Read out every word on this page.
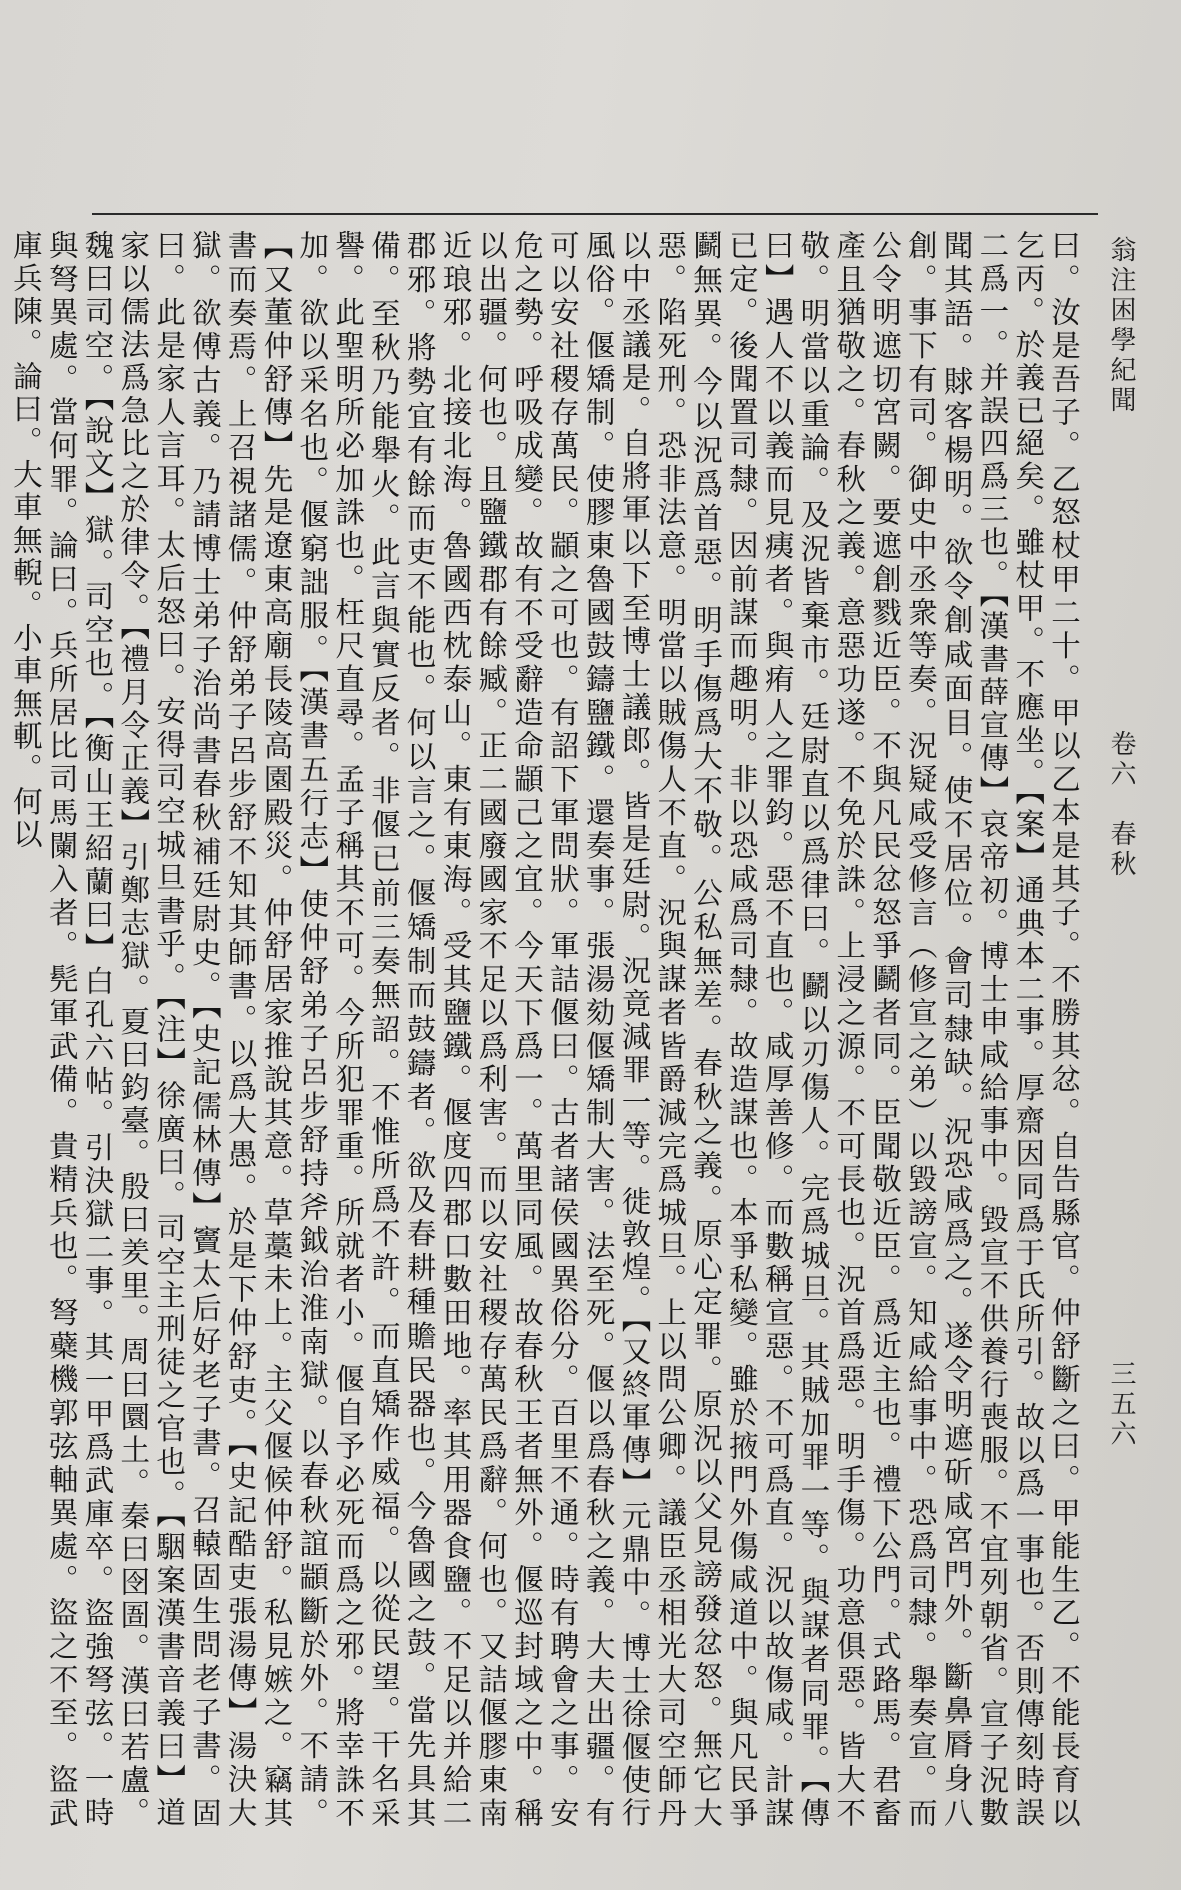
翁注困學紀聞
卷六　春秋
三五六

曰。汝是吾子。乙怒杖甲二十。甲以乙本是其子。不勝其忿。自告縣官。仲舒斷之曰。甲能生乙。不能長育以乞丙。於義已絕矣。雖杖甲。不應坐。【案】通典本二事。厚齋因同爲于氏所引。故以爲一事也。否則傳刻時誤二爲一。并誤四爲三也。【漢書薛宣傳】哀帝初。博士申咸給事中。毀宣不供養行喪服。不宜列朝省。宣子況數聞其語。賕客楊明。欲令創咸面目。使不居位。會司隸缺。況恐咸爲之。遂令明遮斫咸宮門外。斷鼻脣身八創。事下有司。御史中丞衆等奏。況疑咸受修言（修宣之弟）以毀謗宣。知咸給事中。恐爲司隸。舉奏宣。而公令明遮切宮闕。要遮創戮近臣。不與凡民忿怒爭鬬者同。臣聞敬近臣。爲近主也。禮下公門。式路馬。君畜產且猶敬之。春秋之義。意惡功遂。不免於誅。上浸之源。不可長也。況首爲惡。明手傷。功意俱惡。皆大不敬。明當以重論。及況皆棄市。廷尉直以爲律曰。鬬以刃傷人。完爲城旦。其賊加罪一等。與謀者同罪。【傳曰】遇人不以義而見痍者。與痏人之罪鈞。惡不直也。咸厚善修。而數稱宣惡。不可爲直。況以故傷咸。計謀已定。後聞置司隸。因前謀而趣明。非以恐咸爲司隸。故造謀也。本爭私變。雖於掖門外傷咸道中。與凡民爭鬬無異。今以況爲首惡。明手傷爲大不敬。公私無差。春秋之義。原心定罪。原況以父見謗發忿怒。無它大惡。陷死刑。恐非法意。明當以賊傷人不直。況與謀者皆爵減完爲城旦。上以問公卿。議臣丞相光大司空師丹以中丞議是。自將軍以下至博士議郎。皆是廷尉。況竟減罪一等。徙敦煌。【又終軍傳】元鼎中。博士徐偃使行風俗。偃矯制。使膠東魯國鼓鑄鹽鐵。還奏事。張湯劾偃矯制大害。法至死。偃以爲春秋之義。大夫出疆。有可以安社稷存萬民。顓之可也。有詔下軍問狀。軍詰偃曰。古者諸侯國異俗分。百里不通。時有聘會之事。安危之勢。呼吸成變。故有不受辭造命顓己之宜。今天下爲一。萬里同風。故春秋王者無外。偃巡封域之中。稱以出疆。何也。且鹽鐵郡有餘臧。正二國廢國家不足以爲利害。而以安社稷存萬民爲辭。何也。又詰偃膠東南近琅邪。北接北海。魯國西枕泰山。東有東海。受其鹽鐵。偃度四郡口數田地。率其用器食鹽。不足以并給二郡邪。將勢宜有餘而吏不能也。何以言之。偃矯制而鼓鑄者。欲及春耕種贍民器也。今魯國之鼓。當先具其備。至秋乃能舉火。此言與實反者。非偃已前三奏無詔。不惟所爲不許。而直矯作威福。以從民望。干名采譽。此聖明所必加誅也。枉尺直尋。孟子稱其不可。今所犯罪重。所就者小。偃自予必死而爲之邪。將幸誅不加。欲以采名也。偃窮詘服。【漢書五行志】使仲舒弟子呂步舒持斧鉞治淮南獄。以春秋誼顓斷於外。不請。【又董仲舒傳】先是遼東高廟長陵高園殿災。仲舒居家推說其意。草藁未上。主父偃候仲舒。私見嫉之。竊其書而奏焉。上召視諸儒。仲舒弟子呂步舒不知其師書。以爲大愚。於是下仲舒吏。【史記酷吏張湯傳】湯決大獄。欲傅古義。乃請博士弟子治尚書春秋補廷尉史。【史記儒林傳】竇太后好老子書。召轅固生問老子書。固曰。此是家人言耳。太后怒曰。安得司空城旦書乎。【注】徐廣曰。司空主刑徒之官也。【駰案漢書音義曰】道家以儒法爲急比之於律令。【禮月令正義】引鄭志獄。夏曰鈞臺。殷曰羑里。周曰圜土。秦曰囹圄。漢曰若盧。魏曰司空。【說文】獄。司空也。【衡山王紹蘭曰】白孔六帖。引決獄二事。其一甲爲武庫卒。盜強弩弦。一時與弩異處。當何罪。論曰。兵所居比司馬闌入者。髡軍武備。貴精兵也。弩蘗機郭弦軸異處。盜之不至。盜武庫兵陳。論曰。大車無輗。小車無軏。何以
